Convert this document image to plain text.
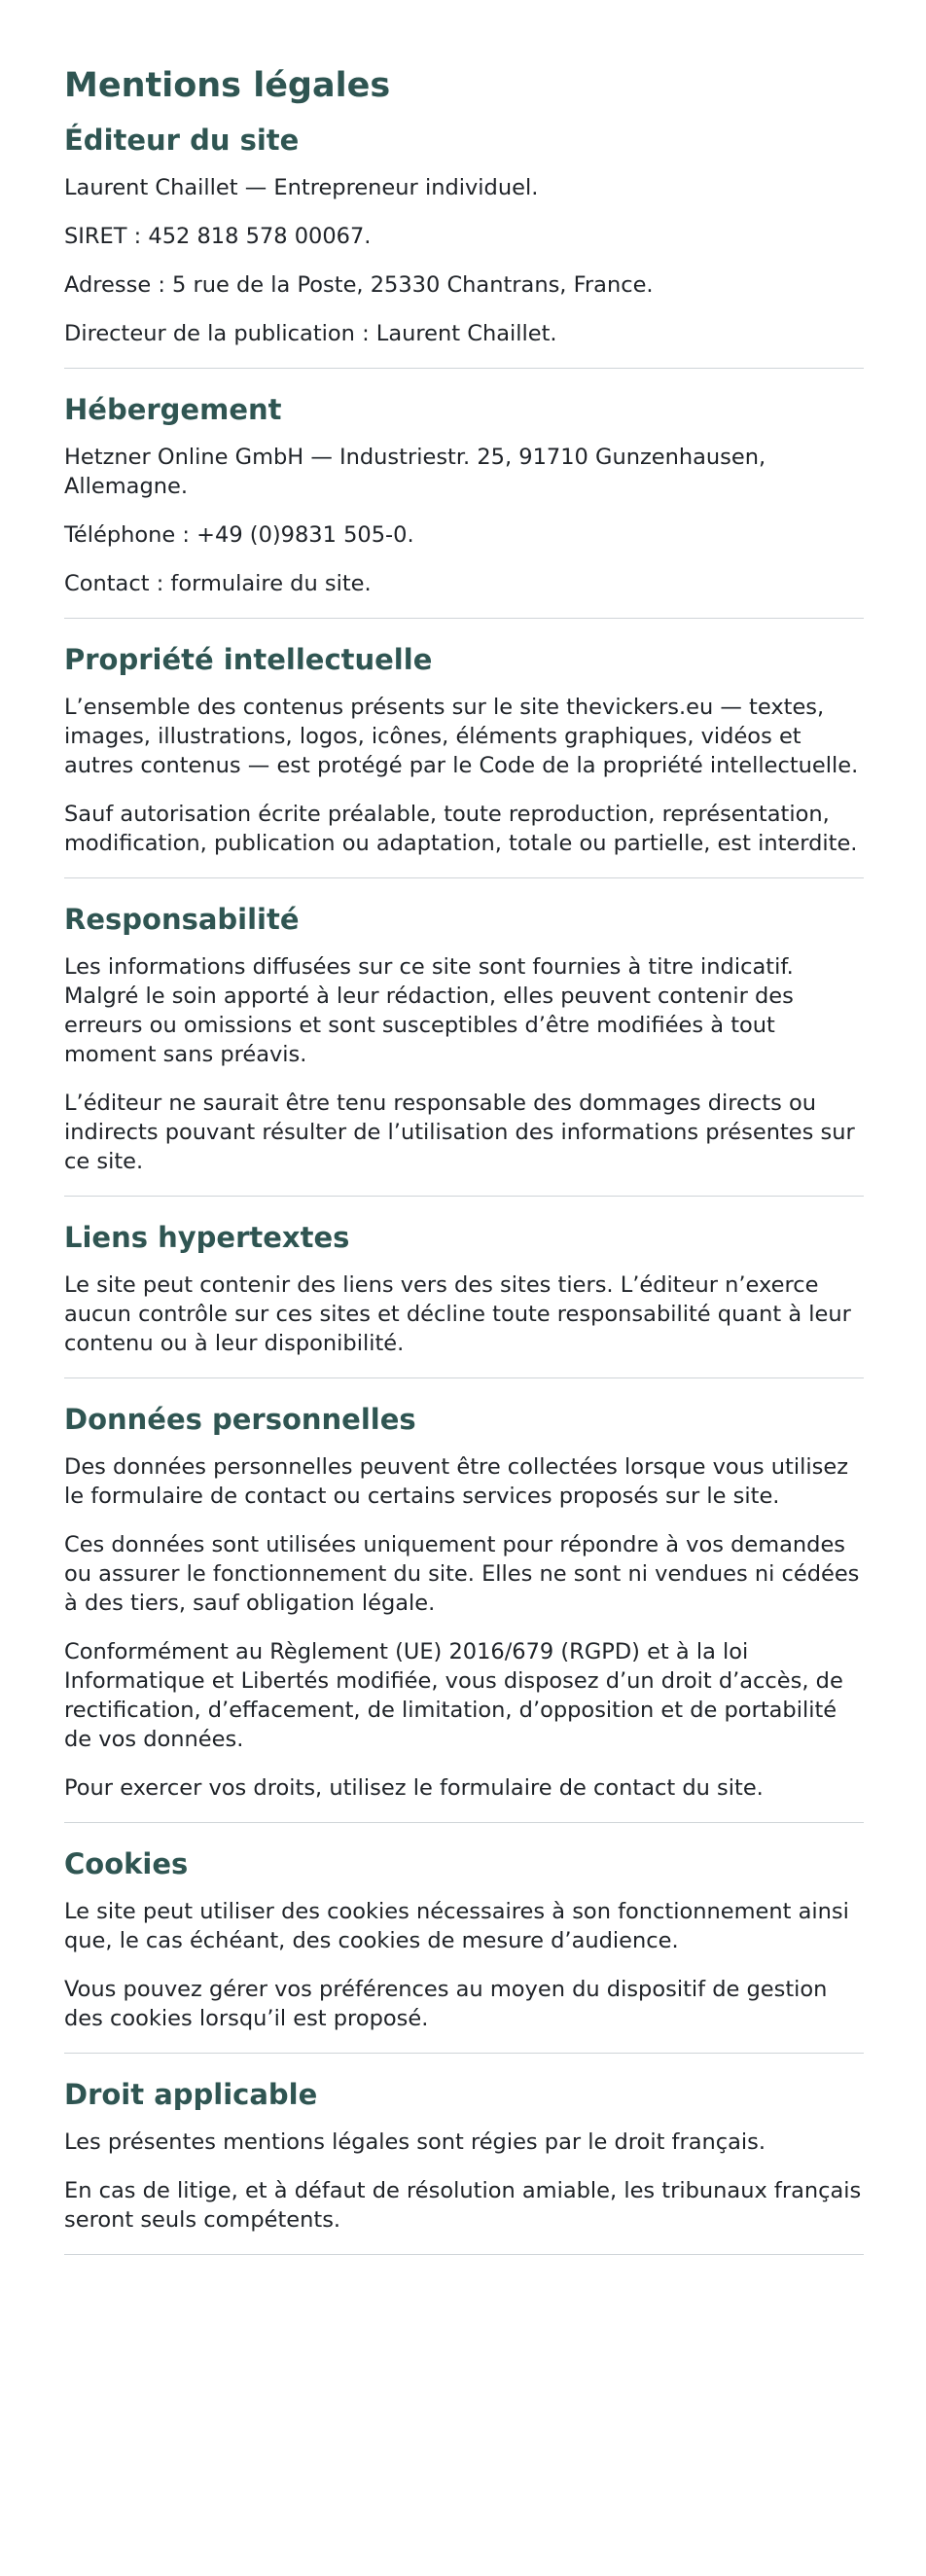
Mentions légales
Éditeur du site

Laurent Chaillet — Entrepreneur individuel.

SIRET : 452 818 578 00067.

Adresse : 5 rue de la Poste, 25330 Chantrans, France.

Directeur de la publication : Laurent Chaillet.

Hébergement

Hetzner Online GmbH — Industriestr. 25, 91710 Gunzenhausen, Allemagne.

Téléphone : +49 (0)9831 505-0.

Contact : formulaire du site.

Propriété intellectuelle

L’ensemble des contenus présents sur le site thevickers.eu — textes, images, illustrations, logos, icônes, éléments graphiques, vidéos et autres contenus — est protégé par le Code de la propriété intellectuelle.

Sauf autorisation écrite préalable, toute reproduction, représentation, modification, publication ou adaptation, totale ou partielle, est interdite.

Responsabilité

Les informations diffusées sur ce site sont fournies à titre indicatif. Malgré le soin apporté à leur rédaction, elles peuvent contenir des erreurs ou omissions et sont susceptibles d’être modifiées à tout moment sans préavis.

L’éditeur ne saurait être tenu responsable des dommages directs ou indirects pouvant résulter de l’utilisation des informations présentes sur ce site.

Liens hypertextes

Le site peut contenir des liens vers des sites tiers. L’éditeur n’exerce aucun contrôle sur ces sites et décline toute responsabilité quant à leur contenu ou à leur disponibilité.

Données personnelles

Des données personnelles peuvent être collectées lorsque vous utilisez le formulaire de contact ou certains services proposés sur le site.

Ces données sont utilisées uniquement pour répondre à vos demandes ou assurer le fonctionnement du site. Elles ne sont ni vendues ni cédées à des tiers, sauf obligation légale.

Conformément au Règlement (UE) 2016/679 (RGPD) et à la loi Informatique et Libertés modifiée, vous disposez d’un droit d’accès, de rectification, d’effacement, de limitation, d’opposition et de portabilité de vos données.

Pour exercer vos droits, utilisez le formulaire de contact du site.

Cookies

Le site peut utiliser des cookies nécessaires à son fonctionnement ainsi que, le cas échéant, des cookies de mesure d’audience.

Vous pouvez gérer vos préférences au moyen du dispositif de gestion des cookies lorsqu’il est proposé.

Droit applicable

Les présentes mentions légales sont régies par le droit français.

En cas de litige, et à défaut de résolution amiable, les tribunaux français seront seuls compétents.
